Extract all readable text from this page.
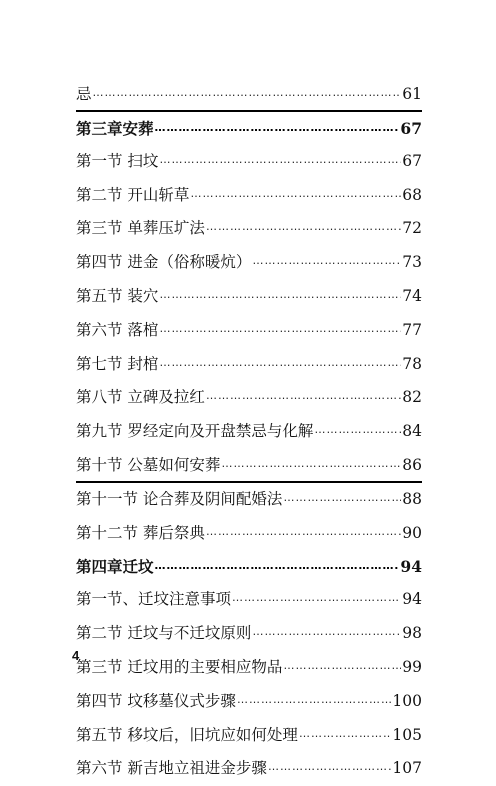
忌 …………………………………………………………………………………………………	61
第三章安葬 …………………………………………………………………………………………………	67
第一节 扫坟 …………………………………………………………………………………………………	67
第二节 开山斩草 …………………………………………………………………………………………………	68
第三节 单葬压圹法 …………………………………………………………………………………………………	72
第四节 进金（俗称暖炕） …………………………………………………………………………………………………	73
第五节 装穴 …………………………………………………………………………………………………	74
第六节 落棺 …………………………………………………………………………………………………	77
第七节 封棺 …………………………………………………………………………………………………	78
第八节 立碑及拉红 …………………………………………………………………………………………………	82
第九节 罗经定向及开盘禁忌与化解 …………………………………………………………………………………………………	84
第十节 公墓如何安葬 …………………………………………………………………………………………………	86
第十一节 论合葬及阴间配婚法 …………………………………………………………………………………………………	88
第十二节 葬后祭典 …………………………………………………………………………………………………	90
第四章迁坟 …………………………………………………………………………………………………	94
第一节、迁坟注意事项 …………………………………………………………………………………………………	94
第二节 迁坟与不迁坟原则 …………………………………………………………………………………………………	98
第三节 迁坟用的主要相应物品 …………………………………………………………………………………………………	99
第四节 坟移墓仪式步骤 …………………………………………………………………………………………………	100
第五节 移坟后，旧坑应如何处理 …………………………………………………………………………………………………	105
第六节 新吉地立祖进金步骤 …………………………………………………………………………………………………	107
4
